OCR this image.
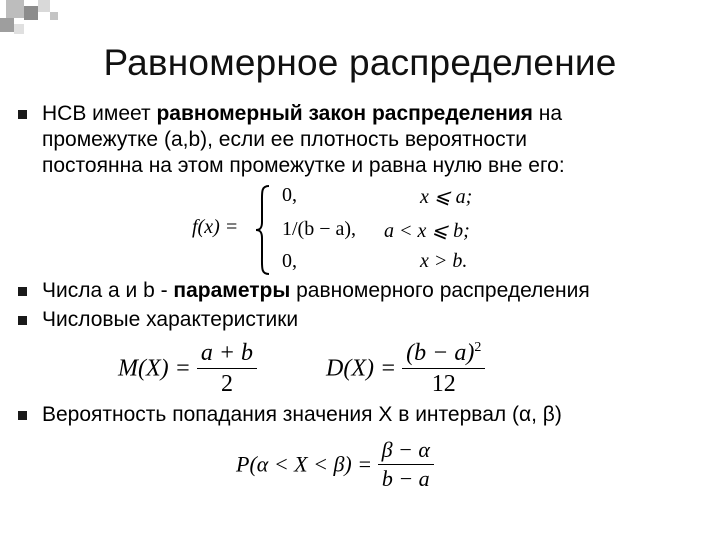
Равномерное распределение
НСВ имеет равномерный закон распределения на
промежутке (a,b), если ее плотность вероятности
постоянна на этом промежутке и равна нулю вне его:
f(x) =
0,	x ⩽ a;
1/(b − a), a < x ⩽ b;
0,	x > b.
Числа a и b - параметры равномерного распределения
Числовые характеристики
$M(X) = \frac{a + b}{2}$	$D(X) = \frac{(b - a)^2}{12}$
Вероятность попадания значения X в интервал (α, β)
$P(\alpha < X < \beta) = \frac{\beta - \alpha}{b - a}$
